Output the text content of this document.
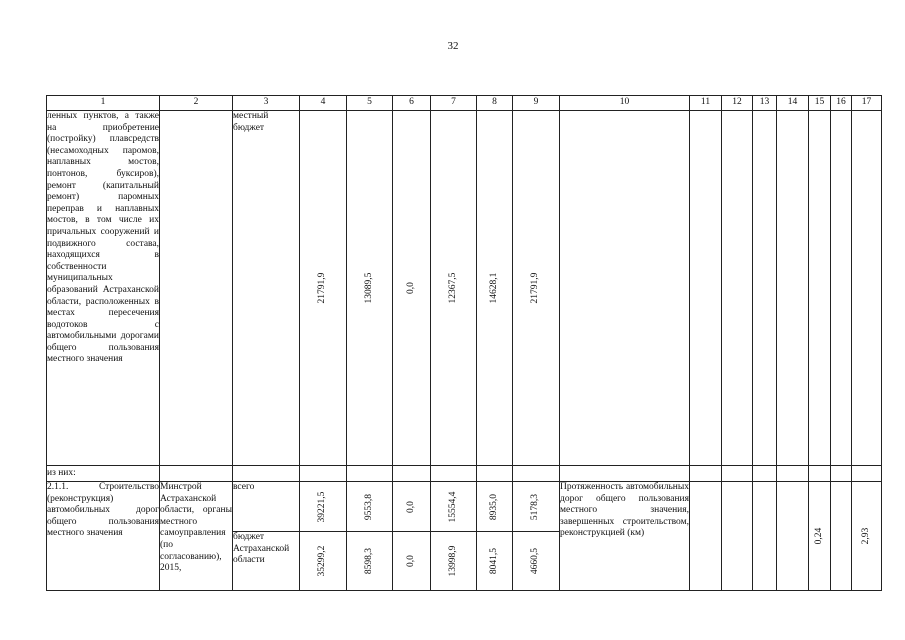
32
1	2	3	4	5	6	7	8	9	10	11	12	13	14	15	16	17
ленных пунктов, а также на приобретение (постройку) плавсредств (несамоходных паромов, наплавных мостов, понтонов, буксиров), ремонт (капитальный ремонт) паромных переправ и наплавных мостов, в том числе их причальных сооружений и подвижного состава, находящихся в собственности муниципальных образований Астраханской области, расположенных в местах пересечения водотоков с автомобильными дорогами общего пользования местного значения		местный бюджет	21791,9	13089,5	0,0	12367,5	14628,1	21791,9								

из них:																
2.1.1. Строительство (реконструкция) автомобильных дорог общего пользования местного значения	Минстрой Астраханской области, органы местного самоуправления (по согласованию), 2015,	всего	39221,5	9553,8	0,0	15554,4	8935,0	5178,3	Протяженность автомобильных дорог общего пользования местного значения, завершенных строительством, реконструкцией (км)					0,24		2,93

		бюджет Астраханской области	35299,2	8598,3	0,0	13998,9	8041,5	4660,5								
